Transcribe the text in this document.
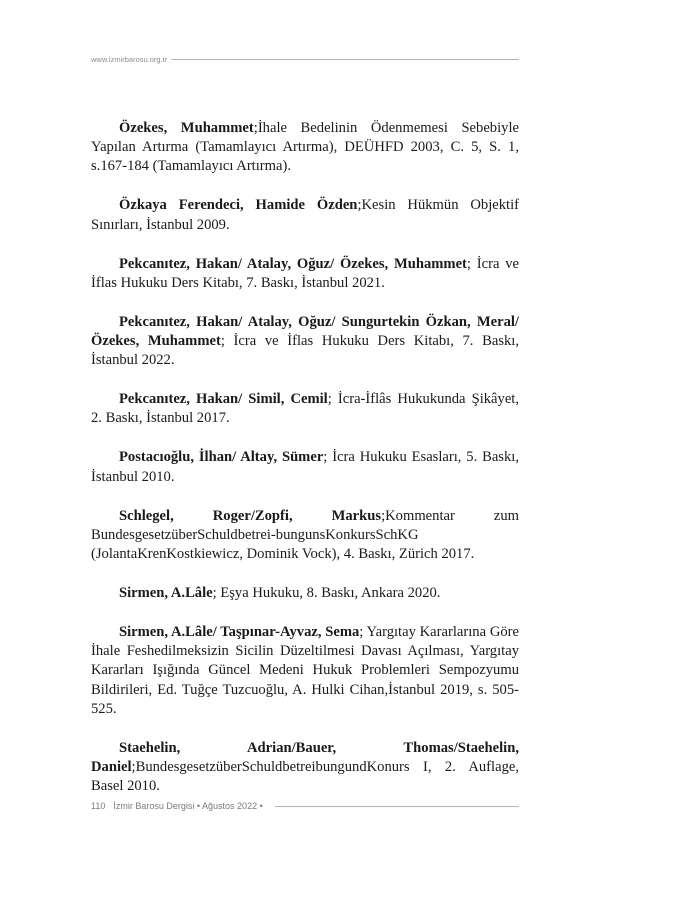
www.izmirbarosu.org.tr

Özekes, Muhammet;İhale Bedelinin Ödenmemesi Sebebiyle Yapılan Artırma (Tamamlayıcı Artırma), DEÜHFD 2003, C. 5, S. 1, s.167-184 (Tamamlayıcı Artırma).

Özkaya Ferendeci, Hamide Özden;Kesin Hükmün Objektif Sınırları, İstanbul 2009.

Pekcanıtez, Hakan/ Atalay, Oğuz/ Özekes, Muhammet; İcra ve İflas Hukuku Ders Kitabı, 7. Baskı, İstanbul 2021.

Pekcanıtez, Hakan/ Atalay, Oğuz/ Sungurtekin Özkan, Meral/ Özekes, Muhammet; İcra ve İflas Hukuku Ders Kitabı, 7. Baskı, İstanbul 2022.

Pekcanıtez, Hakan/ Simil, Cemil; İcra-İflâs Hukukunda Şikâyet, 2. Baskı, İstanbul 2017.

Postacıoğlu, İlhan/ Altay, Sümer; İcra Hukuku Esasları, 5. Baskı, İstanbul 2010.

Schlegel, Roger/Zopfi, Markus;Kommentar zum BundesgesetzüberSchuldbetrei-bungunsKonkursSchKG (JolantaKrenKostkiewicz, Dominik Vock), 4. Baskı, Zürich 2017.

Sirmen, A.Lâle; Eşya Hukuku, 8. Baskı, Ankara 2020.

Sirmen, A.Lâle/ Taşpınar-Ayvaz, Sema; Yargıtay Kararlarına Göre İhale Feshedilmeksizin Sicilin Düzeltilmesi Davası Açılması, Yargıtay Kararları Işığında Güncel Medeni Hukuk Problemleri Sempozyumu Bildirileri, Ed. Tuğçe Tuzcuoğlu, A. Hulki Cihan,İstanbul 2019, s. 505-525.

Staehelin, Adrian/Bauer, Thomas/Staehelin, Daniel;BundesgesetzüberSchuldbetreibungundKonurs I, 2. Auflage, Basel 2010.

110 İzmir Barosu Dergisi • Ağustos 2022 •
